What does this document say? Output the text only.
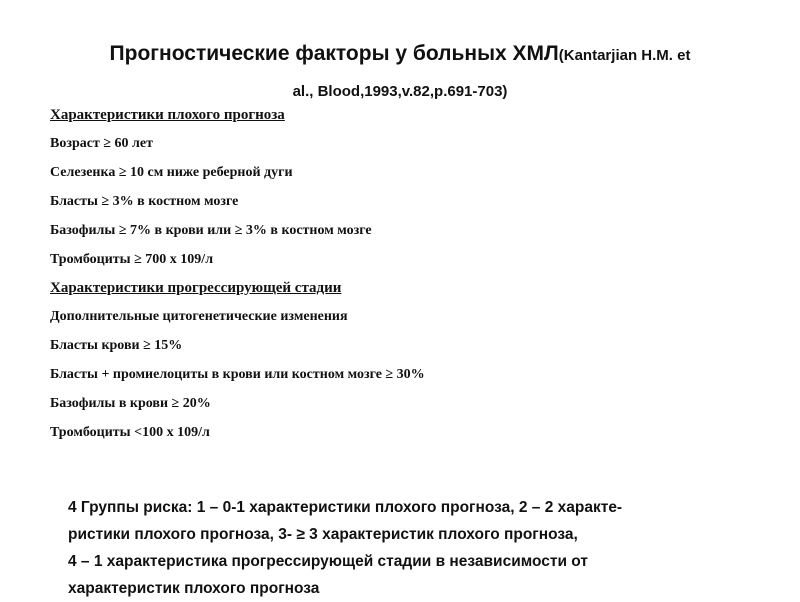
Прогностические факторы у больных ХМЛ(Kantarjian H.M. et
al., Blood,1993,v.82,p.691-703)

Характеристики плохого прогноза

Возраст ≥ 60 лет

Селезенка ≥ 10 см ниже реберной дуги

Бласты ≥ 3% в костном мозге

Базофилы ≥ 7% в крови или ≥ 3% в костном мозге

Тромбоциты ≥ 700 х 109/л

Характеристики прогрессирующей стадии

Дополнительные цитогенетические изменения

Бласты крови ≥ 15%

Бласты + промиелоциты в крови или костном мозге ≥ 30%

Базофилы в крови ≥ 20%

Тромбоциты <100 х 109/л

4 Группы риска: 1 – 0-1 характеристики плохого прогноза, 2 – 2 характе-

ристики плохого прогноза, 3- ≥ 3 характеристик плохого прогноза,

4 – 1 характеристика прогрессирующей стадии в независимости от

характеристик плохого прогноза
